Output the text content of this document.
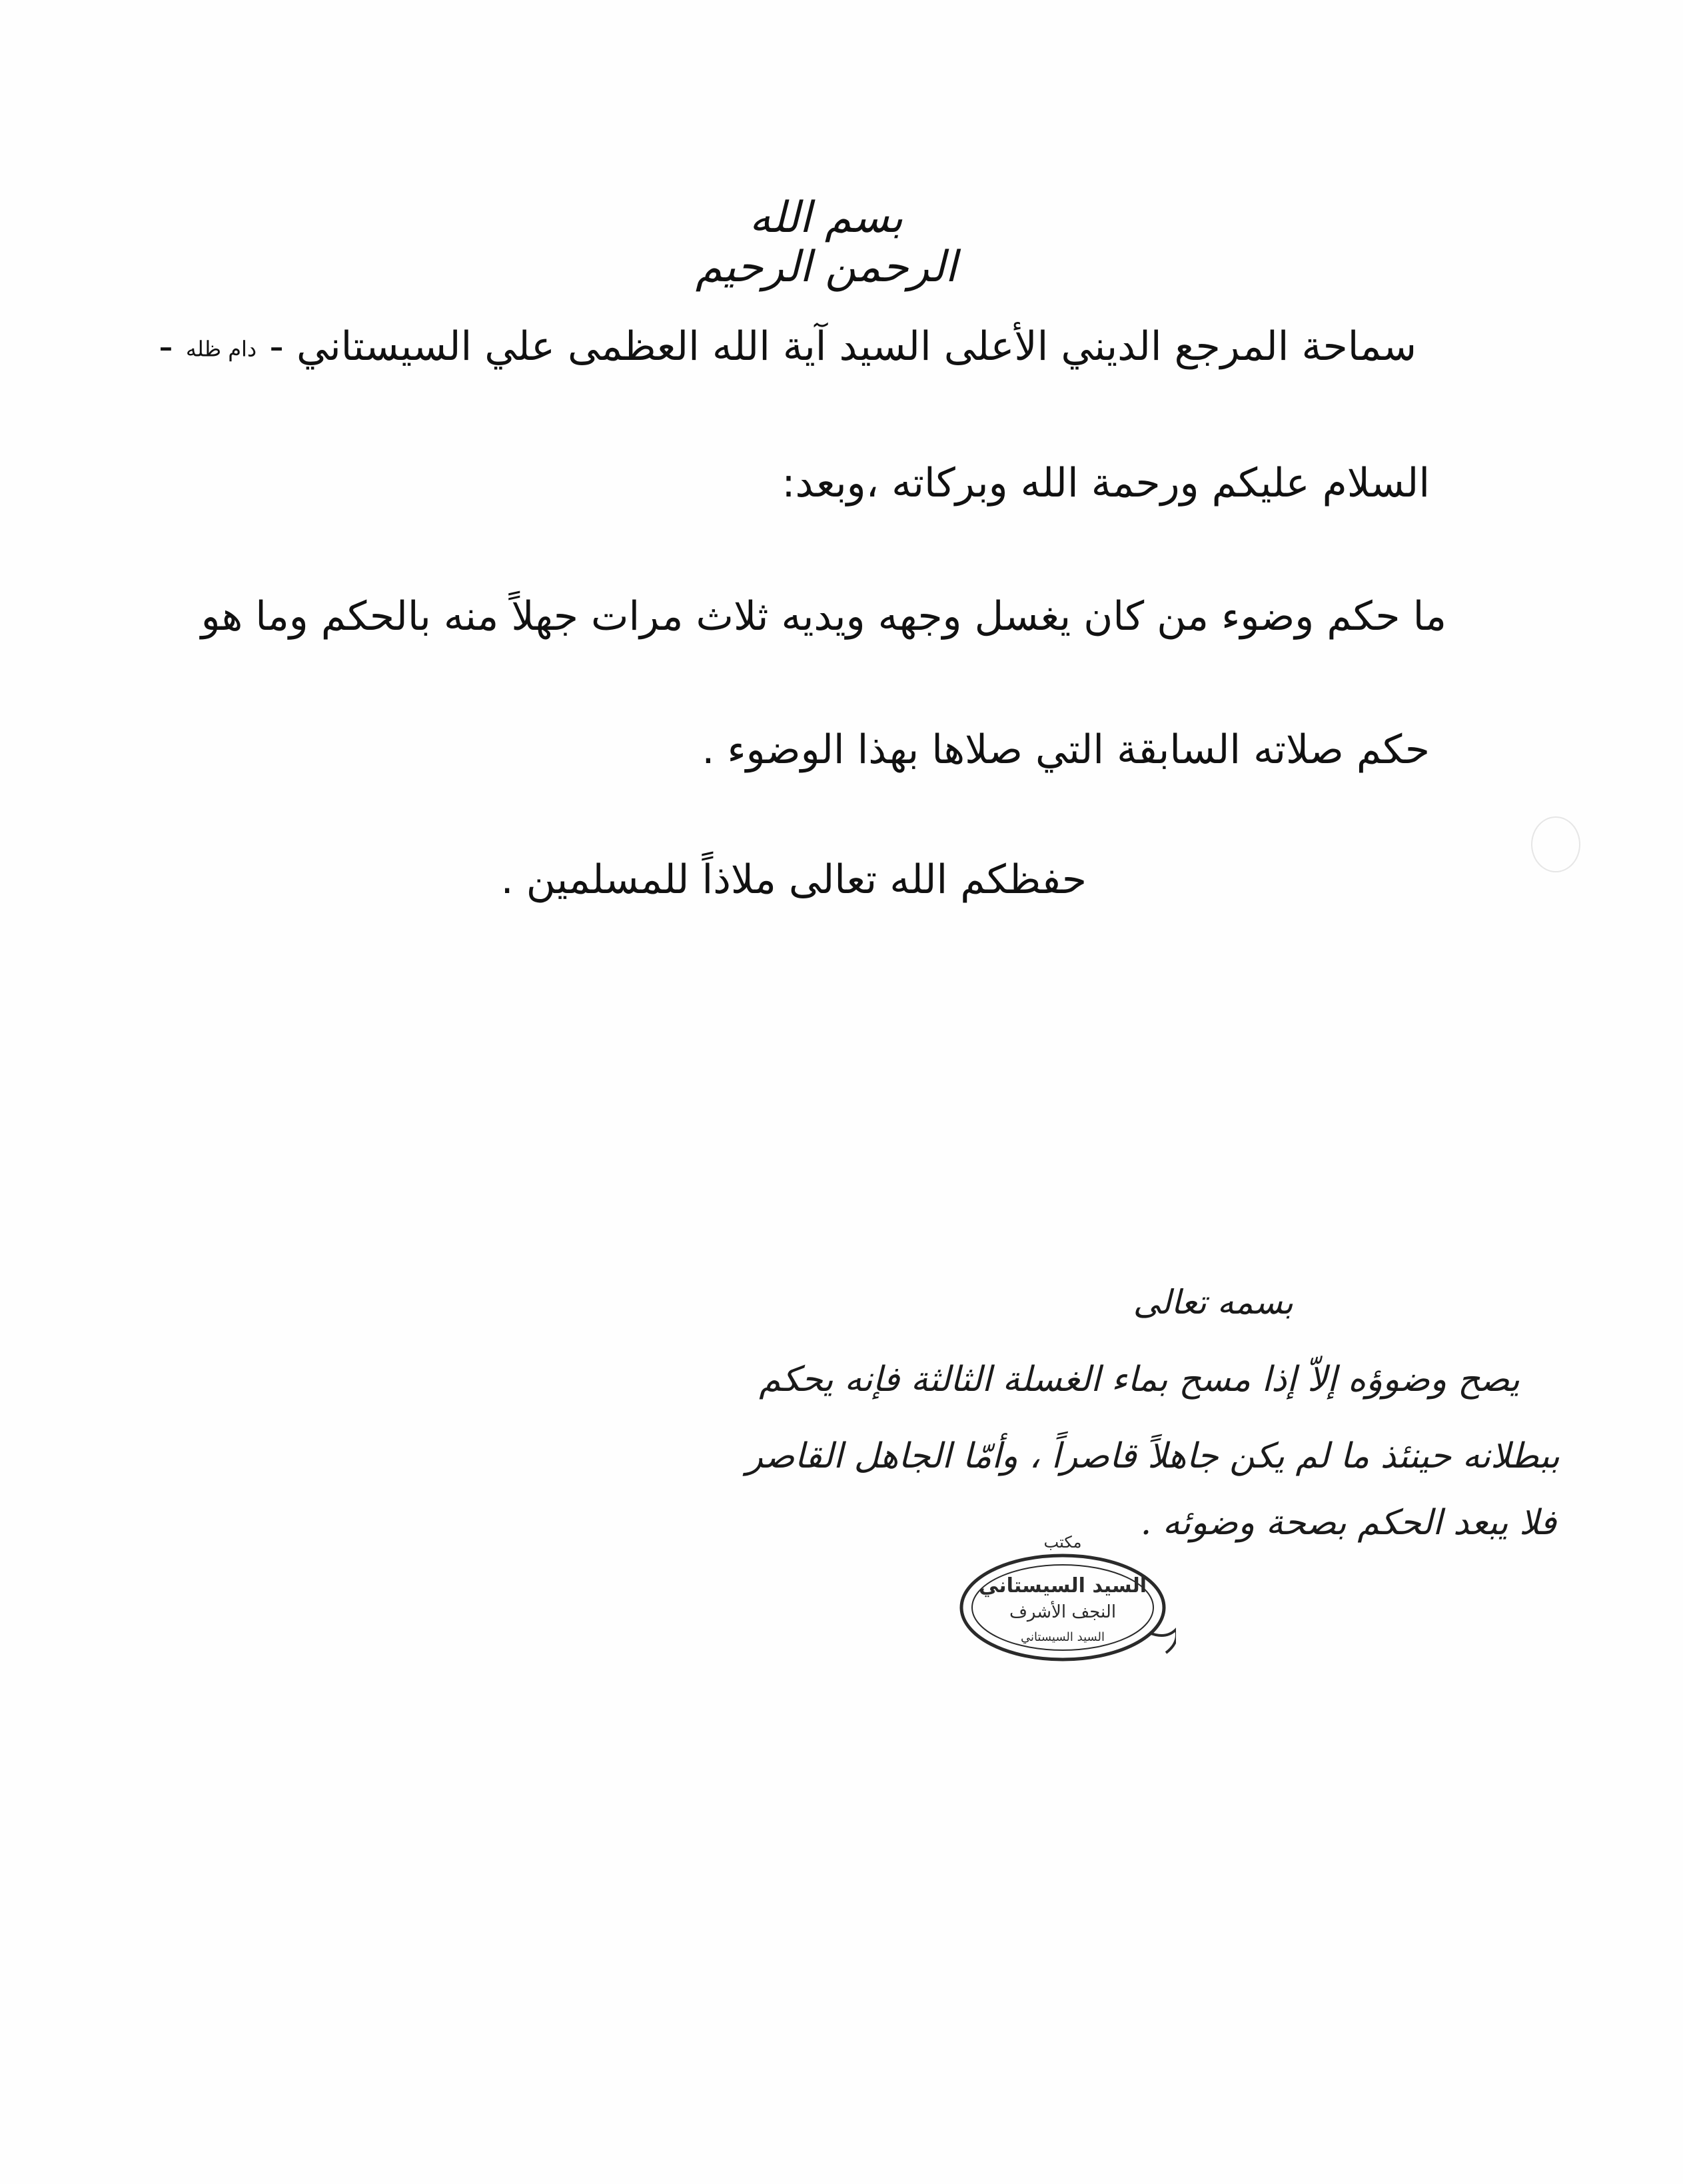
بسم الله الرحمن الرحيم
سماحة المرجع الديني الأعلى السيد آية الله العظمى علي السيستاني - دام ظله -
السلام عليكم ورحمة الله وبركاته ،وبعد:
ما حكم وضوء من كان يغسل وجهه ويديه ثلاث مرات جهلاً منه بالحكم وما هو
حكم صلاته السابقة التي صلاها بهذا الوضوء .
حفظكم الله تعالى ملاذاً للمسلمين .
بسمه تعالى
يصح وضوؤه إلاّ إذا مسح بماء الغسلة الثالثة فإنه يحكم
ببطلانه حينئذ ما لم يكن جاهلاً قاصراً ، وأمّا الجاهل القاصر
فلا يبعد الحكم بصحة وضوئه .
مكتب
السيد السيستاني
النجف الأشرف
السيد السيستاني
